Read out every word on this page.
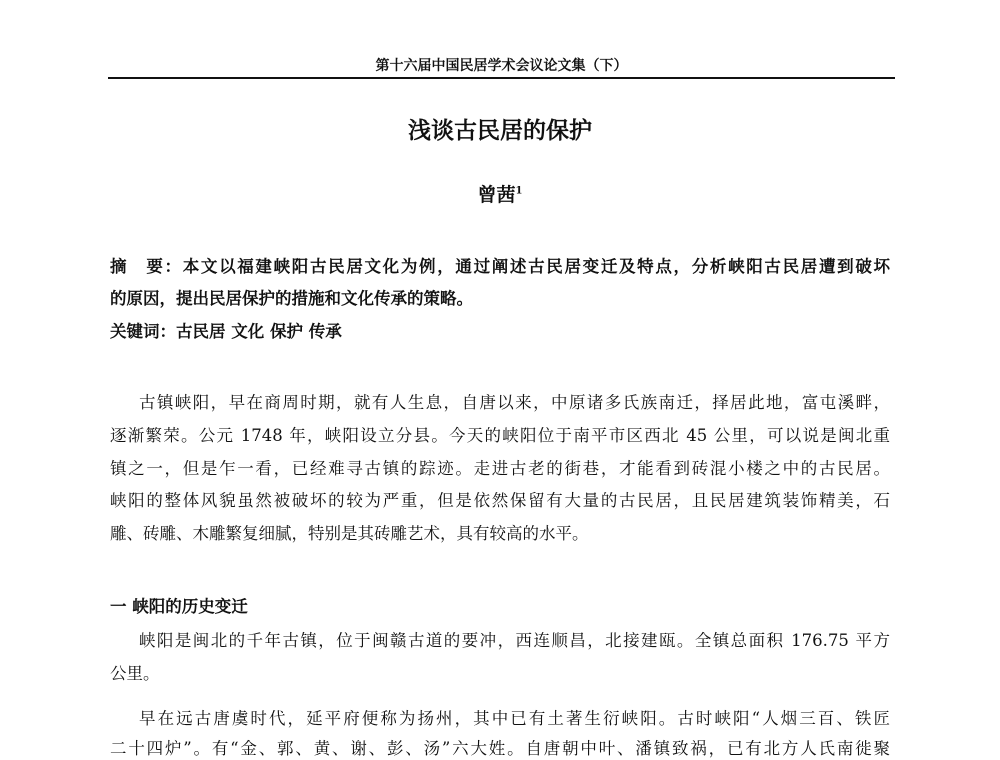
第十六届中国民居学术会议论文集（下）
浅谈古民居的保护
曾茜$^1$
摘　要：本文以福建峡阳古民居文化为例，通过阐述古民居变迁及特点，分析峡阳古民居遭到破坏
的原因，提出民居保护的措施和文化传承的策略。
关键词：古民居 文化 保护 传承
古镇峡阳，早在商周时期，就有人生息，自唐以来，中原诸多氏族南迁，择居此地，富屯溪畔，
逐渐繁荣。公元 1748 年，峡阳设立分县。今天的峡阳位于南平市区西北 45 公里，可以说是闽北重
镇之一，但是乍一看，已经难寻古镇的踪迹。走进古老的街巷，才能看到砖混小楼之中的古民居。
峡阳的整体风貌虽然被破坏的较为严重，但是依然保留有大量的古民居，且民居建筑装饰精美，石
雕、砖雕、木雕繁复细腻，特别是其砖雕艺术，具有较高的水平。
一 峡阳的历史变迁
峡阳是闽北的千年古镇，位于闽赣古道的要冲，西连顺昌，北接建瓯。全镇总面积 176.75 平方
公里。
早在远古唐虞时代，延平府便称为扬州，其中已有土著生衍峡阳。古时峡阳“人烟三百、铁匠
二十四炉”。有“金、郭、黄、谢、彭、汤”六大姓。自唐朝中叶、潘镇致祸，已有北方人氏南徙聚
